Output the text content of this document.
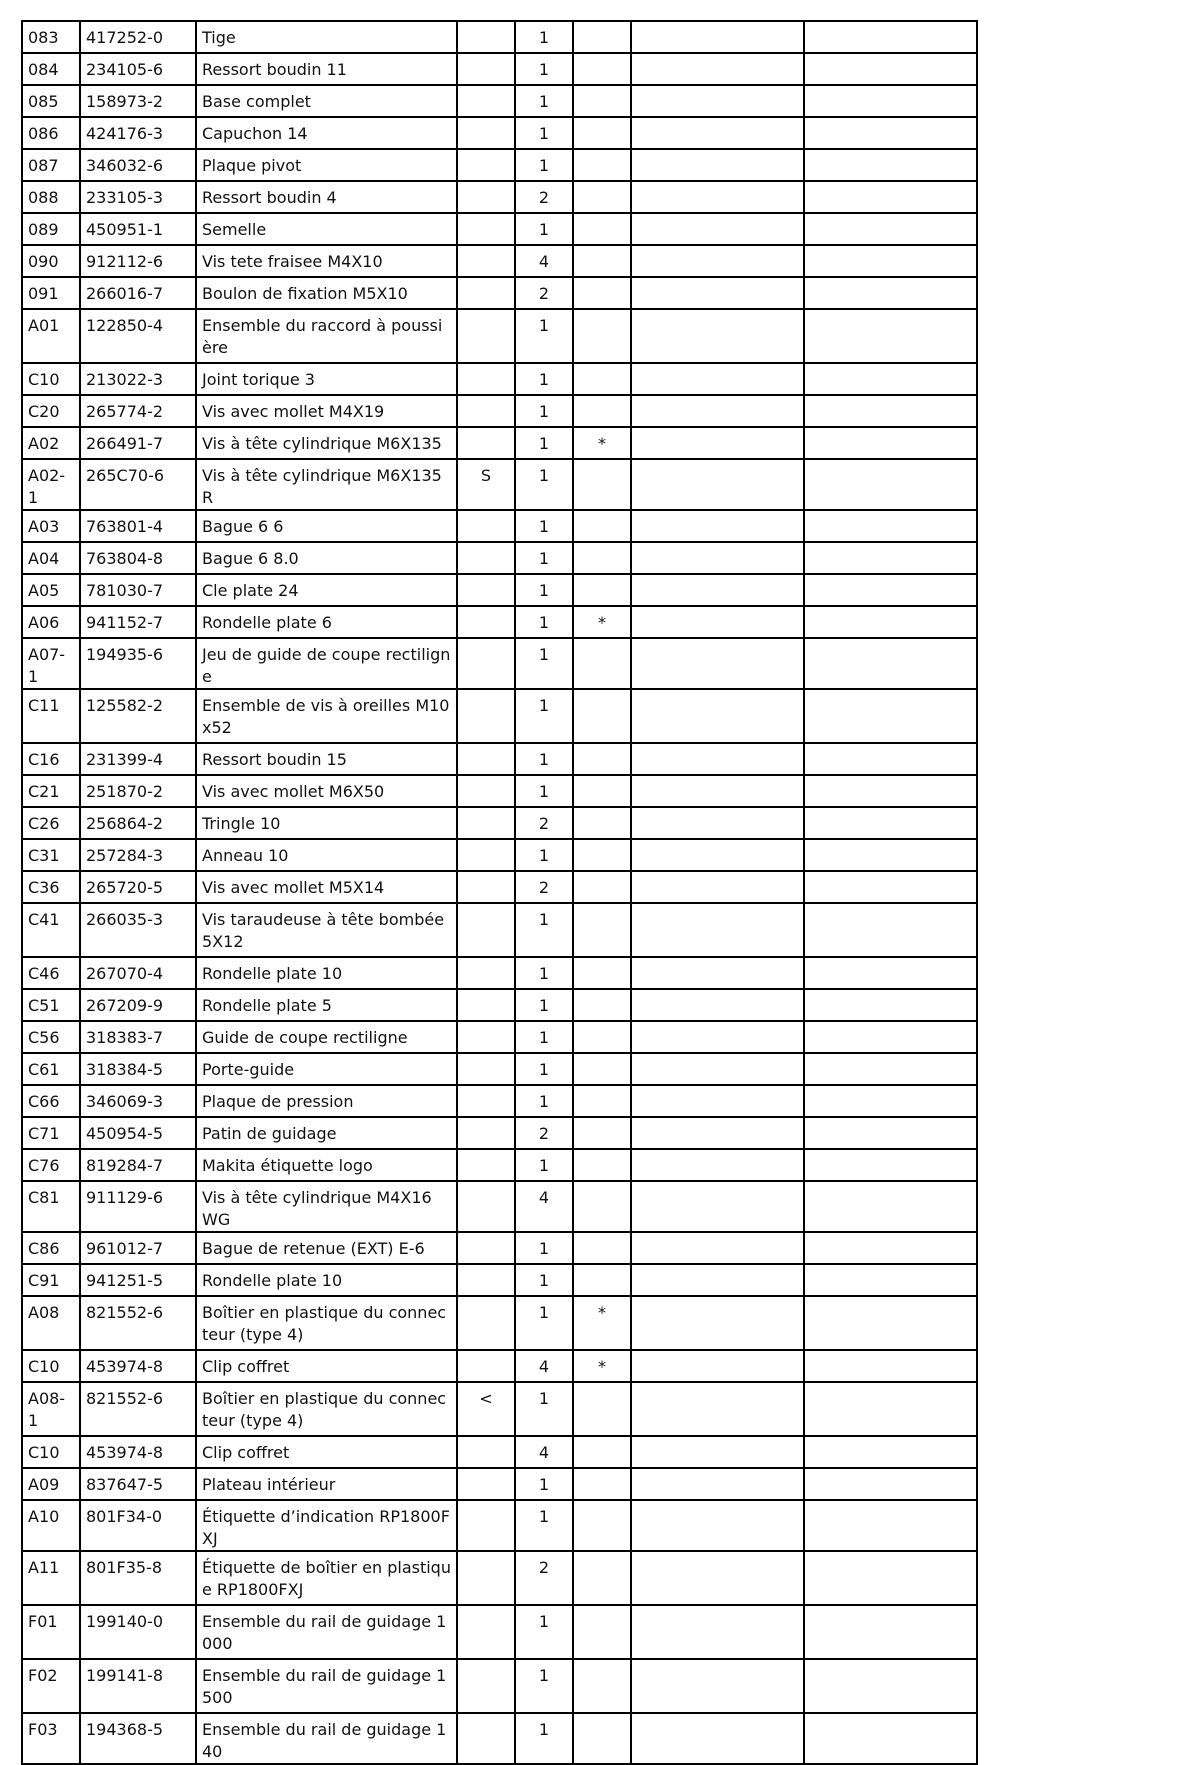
083	417252-0	Tige		1			

084	234105-6	Ressort boudin 11		1			

085	158973-2	Base complet		1			

086	424176-3	Capuchon 14		1			

087	346032-6	Plaque pivot		1			

088	233105-3	Ressort boudin 4		2			

089	450951-1	Semelle		1			

090	912112-6	Vis tete fraisee M4X10		4			

091	266016-7	Boulon de fixation M5X10		2			

A01	122850-4	Ensemble du raccord à poussière		1			

C10	213022-3	Joint torique 3		1			

C20	265774-2	Vis avec mollet M4X19		1			

A02	266491-7	Vis à tête cylindrique M6X135		1	*		

A02-1	265C70-6	Vis à tête cylindrique M6X135 R	S	1			

A03	763801-4	Bague 6 6		1			

A04	763804-8	Bague 6 8.0		1			

A05	781030-7	Cle plate 24		1			

A06	941152-7	Rondelle plate 6		1	*		

A07-1	194935-6	Jeu de guide de coupe rectiligne		1			

C11	125582-2	Ensemble de vis à oreilles M10x52		1			

C16	231399-4	Ressort boudin 15		1			

C21	251870-2	Vis avec mollet M6X50		1			

C26	256864-2	Tringle 10		2			

C31	257284-3	Anneau 10		1			

C36	265720-5	Vis avec mollet M5X14		2			

C41	266035-3	Vis taraudeuse à tête bombée 5X12		1			

C46	267070-4	Rondelle plate 10		1			

C51	267209-9	Rondelle plate 5		1			

C56	318383-7	Guide de coupe rectiligne		1			

C61	318384-5	Porte-guide		1			

C66	346069-3	Plaque de pression		1			

C71	450954-5	Patin de guidage		2			

C76	819284-7	Makita étiquette logo		1			

C81	911129-6	Vis à tête cylindrique M4X16 WG		4			

C86	961012-7	Bague de retenue (EXT) E-6		1			

C91	941251-5	Rondelle plate 10		1			

A08	821552-6	Boîtier en plastique du connecteur (type 4)		1	*		

C10	453974-8	Clip coffret		4	*		

A08-1	821552-6	Boîtier en plastique du connecteur (type 4)	<	1			

C10	453974-8	Clip coffret		4			

A09	837647-5	Plateau intérieur		1			

A10	801F34-0	Étiquette d’indication RP1800FXJ		1			

A11	801F35-8	Étiquette de boîtier en plastique RP1800FXJ		2			

F01	199140-0	Ensemble du rail de guidage 1000		1			

F02	199141-8	Ensemble du rail de guidage 1500		1			

F03	194368-5	Ensemble du rail de guidage 140		1			
